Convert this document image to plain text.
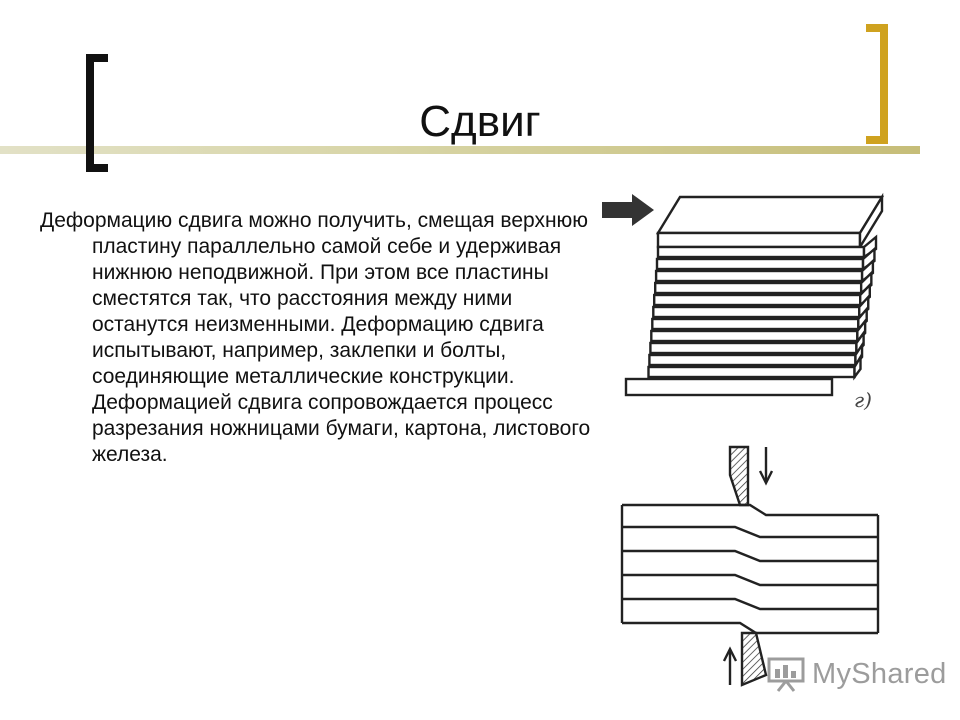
Сдвиг

Деформацию сдвига можно получить, смещая верхнюю пластину параллельно самой себе и удерживая нижнюю неподвижной. При этом все пластины сместятся так, что расстояния между ними останутся неизменными. Деформацию сдвига испытывают, например, заклепки и болты, соединяющие металлические конструкции. Деформацией сдвига сопровождается процесс разрезания ножницами бумаги, картона, листового железа.

г)
MyShared
